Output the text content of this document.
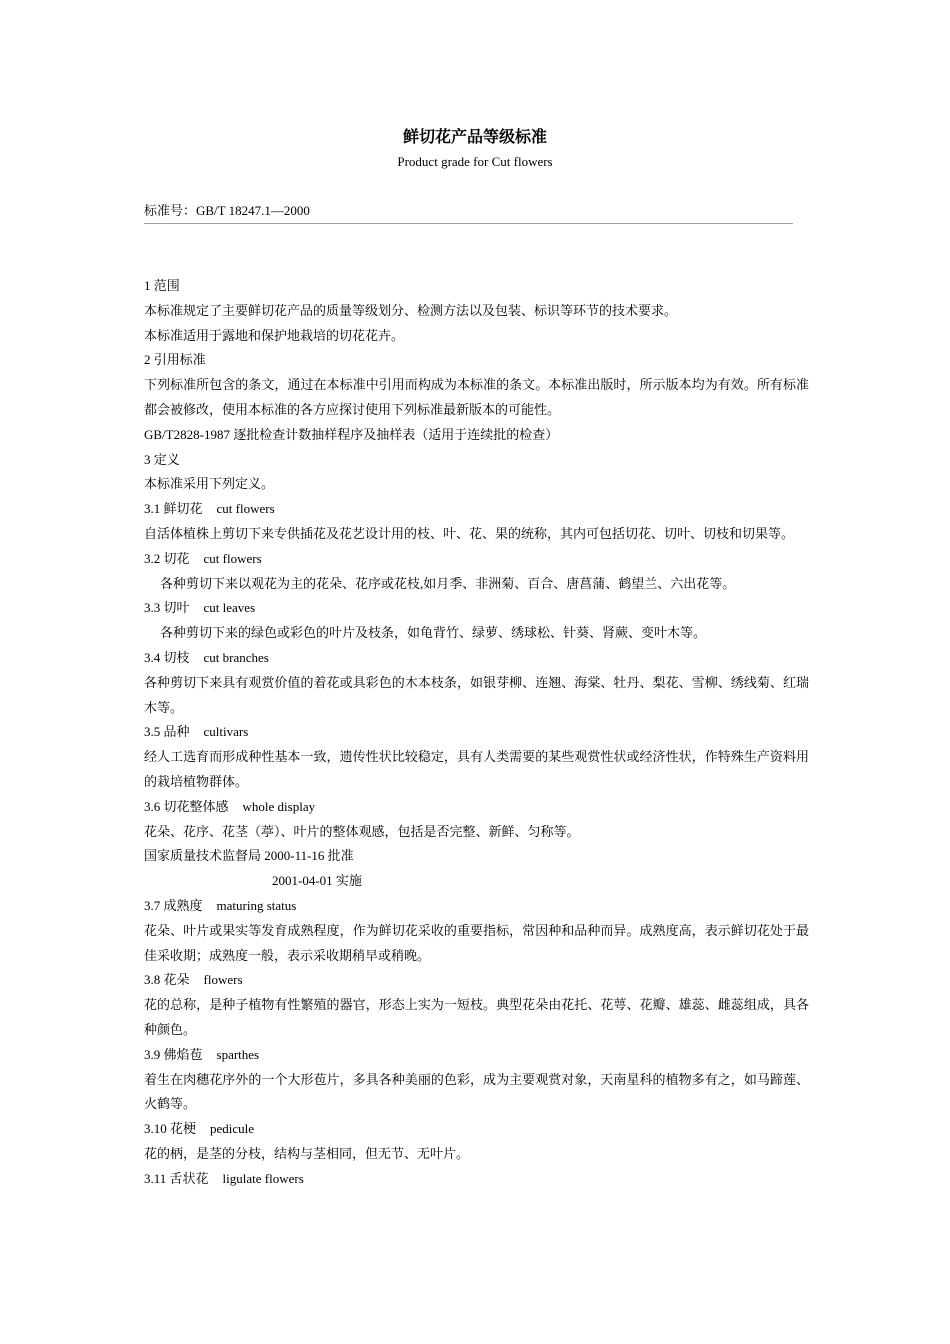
鲜切花产品等级标准
Product grade for Cut flowers
标准号：GB/T 18247.1—2000

1 范围

本标准规定了主要鲜切花产品的质量等级划分、检测方法以及包装、标识等环节的技术要求。

本标准适用于露地和保护地栽培的切花花卉。

2 引用标准

下列标准所包含的条文，通过在本标准中引用而构成为本标准的条文。本标准出版时，所示版本均为有效。所有标准都会被修改，使用本标准的各方应探讨使用下列标准最新版本的可能性。

GB/T2828-1987 逐批检查计数抽样程序及抽样表（适用于连续批的检查）

3 定义

本标准采用下列定义。

3.1 鲜切花 cut flowers

自活体植株上剪切下来专供插花及花艺设计用的枝、叶、花、果的统称，其内可包括切花、切叶、切枝和切果等。

3.2 切花 cut flowers

各种剪切下来以观花为主的花朵、花序或花枝,如月季、非洲菊、百合、唐菖蒲、鹤望兰、六出花等。

3.3 切叶 cut leaves

各种剪切下来的绿色或彩色的叶片及枝条，如龟背竹、绿萝、绣球松、针葵、肾蕨、变叶木等。

3.4 切枝 cut branches

各种剪切下来具有观赏价值的着花或具彩色的木本枝条，如银芽柳、连翘、海棠、牡丹、梨花、雪柳、绣线菊、红瑞木等。

3.5 品种 cultivars

经人工选育而形成种性基本一致，遗传性状比较稳定，具有人类需要的某些观赏性状或经济性状，作特殊生产资料用的栽培植物群体。

3.6 切花整体感 whole display

花朵、花序、花茎（葶）、叶片的整体观感，包括是否完整、新鲜、匀称等。

国家质量技术监督局 2000-11-16 批准

2001-04-01 实施

3.7 成熟度 maturing status

花朵、叶片或果实等发育成熟程度，作为鲜切花采收的重要指标，常因种和品种而异。成熟度高，表示鲜切花处于最佳采收期；成熟度一般，表示采收期稍早或稍晚。

3.8 花朵 flowers

花的总称，是种子植物有性繁殖的器官，形态上实为一短枝。典型花朵由花托、花萼、花瓣、雄蕊、雌蕊组成，具各种颜色。

3.9 佛焰苞 sparthes

着生在肉穗花序外的一个大形苞片，多具各种美丽的色彩，成为主要观赏对象，天南星科的植物多有之，如马蹄莲、火鹤等。

3.10 花梗 pedicule

花的柄，是茎的分枝，结构与茎相同，但无节、无叶片。

3.11 舌状花 ligulate flowers
